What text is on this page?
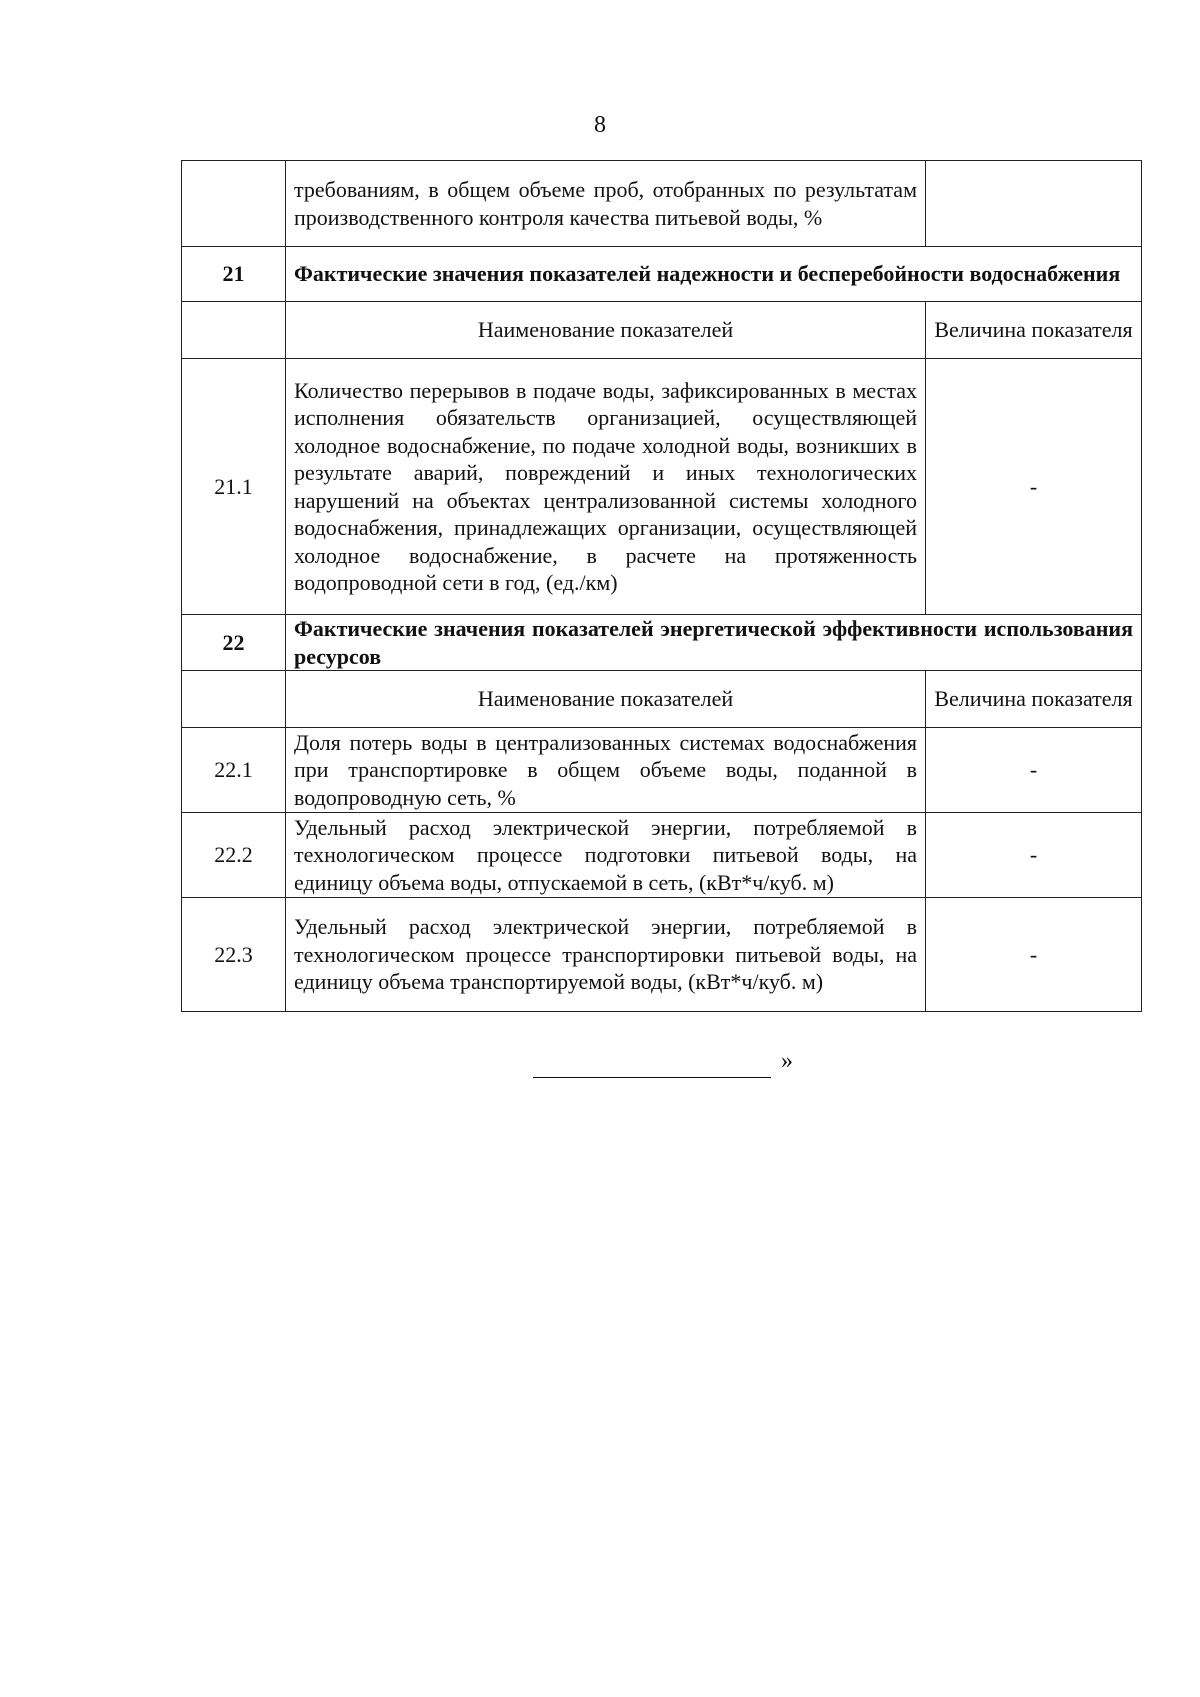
8
	требованиям, в общем объеме проб, отобранных по результатам производственного контроля качества питьевой воды, %	
21	Фактические значения показателей надежности и бесперебойности водоснабжения	
	Наименование показателей	Величина показателя
21.1	Количество перерывов в подаче воды, зафиксированных в местах исполнения обязательств организацией, осуществляющей холодное водоснабжение, по подаче холодной воды, возникших в результате аварий, повреждений и иных технологических нарушений на объектах централизованной системы холодного водоснабжения, принадлежащих организации, осуществляющей холодное водоснабжение, в расчете на протяженность водопроводной сети в год, (ед./км)	-
22	Фактические значения показателей энергетической эффективности использования ресурсов	
	Наименование показателей	Величина показателя
22.1	Доля потерь воды в централизованных системах водоснабжения при транспортировке в общем объеме воды, поданной в водопроводную сеть, %	-
22.2	Удельный расход электрической энергии, потребляемой в технологическом процессе подготовки питьевой воды, на единицу объема воды, отпускаемой в сеть, (кВт*ч/куб. м)	-
22.3	Удельный расход электрической энергии, потребляемой в технологическом процессе транспортировки питьевой воды, на единицу объема транспортируемой воды, (кВт*ч/куб. м)	-
»
